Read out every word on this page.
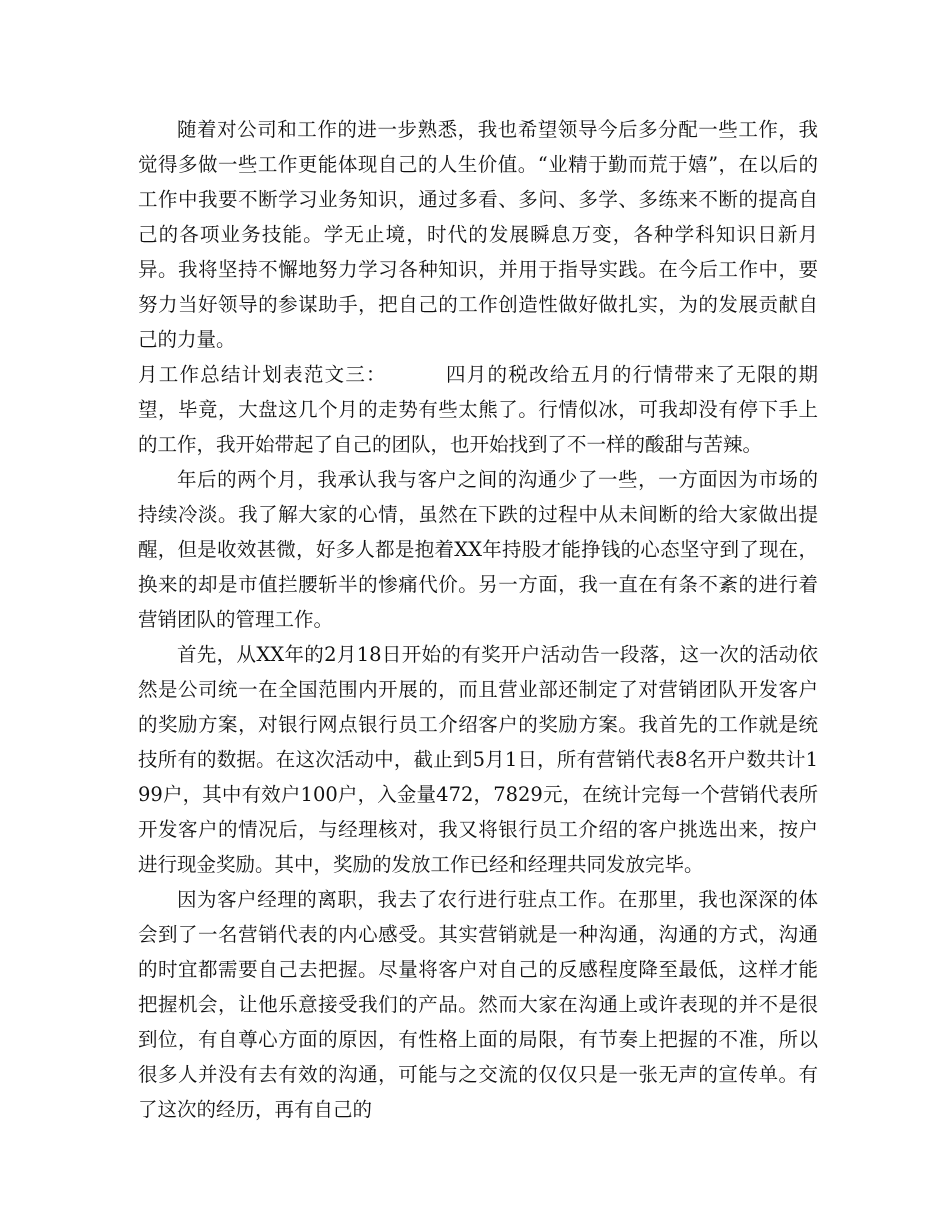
随着对公司和工作的进一步熟悉，我也希望领导今后多分配一些工作，我觉得多做一些工作更能体现自己的人生价值。“业精于勤而荒于嬉”，在以后的工作中我要不断学习业务知识，通过多看、多问、多学、多练来不断的提高自己的各项业务技能。学无止境，时代的发展瞬息万变，各种学科知识日新月异。我将坚持不懈地努力学习各种知识，并用于指导实践。在今后工作中，要努力当好领导的参谋助手，把自己的工作创造性做好做扎实，为的发展贡献自己的力量。

月工作总结计划表范文三：	四月的税改给五月的行情带来了无限的期望，毕竟，大盘这几个月的走势有些太熊了。行情似冰，可我却没有停下手上的工作，我开始带起了自己的团队，也开始找到了不一样的酸甜与苦辣。

年后的两个月，我承认我与客户之间的沟通少了一些，一方面因为市场的持续冷淡。我了解大家的心情，虽然在下跌的过程中从未间断的给大家做出提醒，但是收效甚微，好多人都是抱着XX年持股才能挣钱的心态坚守到了现在，换来的却是市值拦腰斩半的惨痛代价。另一方面，我一直在有条不紊的进行着营销团队的管理工作。

首先，从XX年的2月18日开始的有奖开户活动告一段落，这一次的活动依然是公司统一在全国范围内开展的，而且营业部还制定了对营销团队开发客户的奖励方案，对银行网点银行员工介绍客户的奖励方案。我首先的工作就是统技所有的数据。在这次活动中，截止到5月1日，所有营销代表8名开户数共计199户，其中有效户100户，入金量472，7829元，在统计完每一个营销代表所开发客户的情况后，与经理核对，我又将银行员工介绍的客户挑选出来，按户进行现金奖励。其中，奖励的发放工作已经和经理共同发放完毕。

因为客户经理的离职，我去了农行进行驻点工作。在那里，我也深深的体会到了一名营销代表的内心感受。其实营销就是一种沟通，沟通的方式，沟通的时宜都需要自己去把握。尽量将客户对自己的反感程度降至最低，这样才能把握机会，让他乐意接受我们的产品。然而大家在沟通上或许表现的并不是很到位，有自尊心方面的原因，有性格上面的局限，有节奏上把握的不准，所以很多人并没有去有效的沟通，可能与之交流的仅仅只是一张无声的宣传单。有了这次的经历，再有自己的
